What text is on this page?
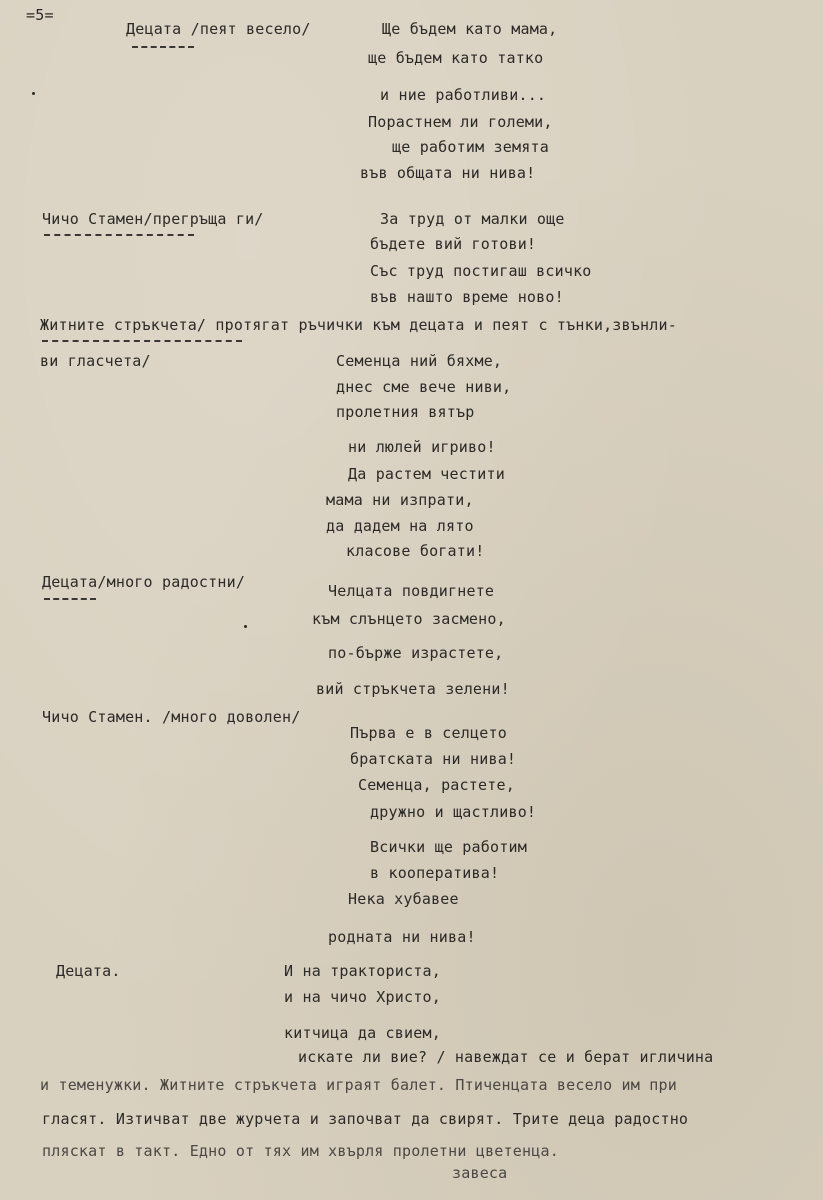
=5=
Децата /пеят весело/	Ще бъдем като мама,
ще бъдем като татко
и ние работливи...
Порастнем ли големи,
ще работим земята
във общата ни нива!
Чичо Стамен/прегръща ги/	За труд от малки още
бъдете вий готови!
Със труд постигаш всичко
във нашто време ново!
Житните стръкчета/ протягат ръчички към децата и пеят с тънки,звънли-
ви гласчета/	Семенца ний бяхме,
днес сме вече ниви,
пролетния вятър
ни люлей игриво!
Да растем честити
мама ни изпрати,
да дадем на лято
класове богати!
Децата/много радостни/	Челцата повдигнете
към слънцето засмено,
по-бърже израстете,
вий стръкчета зелени!
Чичо Стамен. /много доволен/
Първа е в селцето
братската ни нива!
Семенца, растете,
дружно и щастливо!
Всички ще работим
в кооператива!
Нека хубавее
родната ни нива!
Децата.	И на тракториста,
и на чичо Христо,
китчица да свием,
искате ли вие? / навеждат се и берат игличина
и теменужки. Житните стръкчета играят балет. Птиченцата весело им при
гласят. Изтичват две журчета и започват да свирят. Трите деца радостно
пляскат в такт. Едно от тях им хвърля пролетни цветенца.
завеса
